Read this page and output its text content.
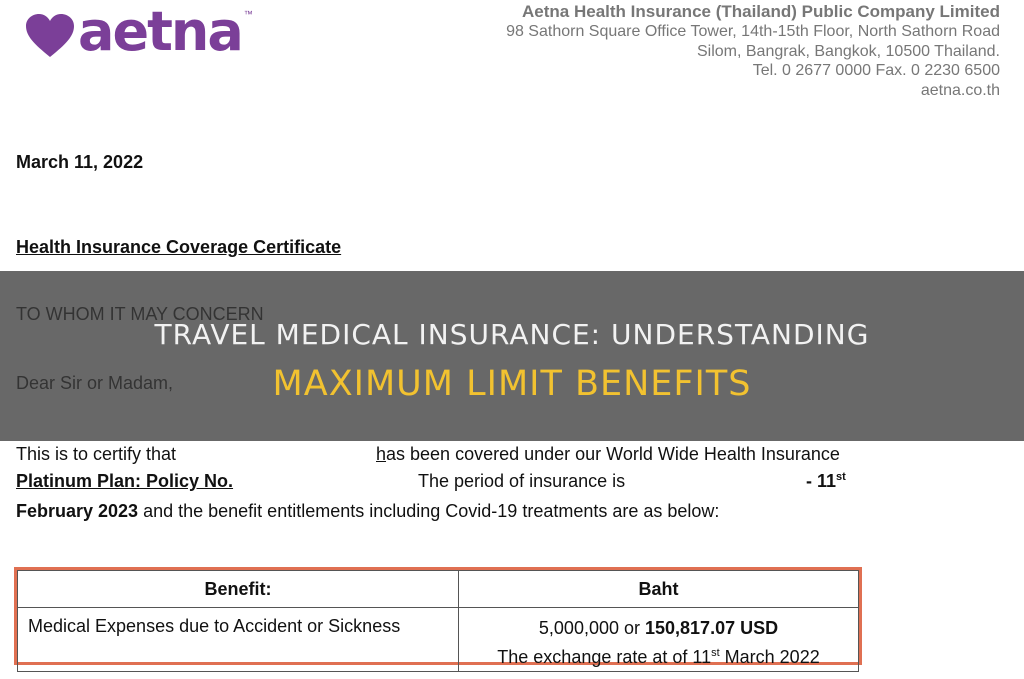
aetna ™	Aetna Health Insurance (Thailand) Public Company Limited
98 Sathorn Square Office Tower, 14th-15th Floor, North Sathorn Road
Silom, Bangrak, Bangkok, 10500 Thailand.
Tel. 0 2677 0000 Fax. 0 2230 6500
aetna.co.th
March 11, 2022
Health Insurance Coverage Certificate
This is to certify that	has been covered under our World Wide Health Insurance
Platinum Plan: Policy No.	The period of insurance is	- 11st
February 2023 and the benefit entitlements including Covid-19 treatments are as below:
Benefit:	Baht
Medical Expenses due to Accident or Sickness	5,000,000 or 150,817.07 USD
The exchange rate at of 11st March 2022
TRAVEL MEDICAL INSURANCE: UNDERSTANDING
MAXIMUM LIMIT BENEFITS
